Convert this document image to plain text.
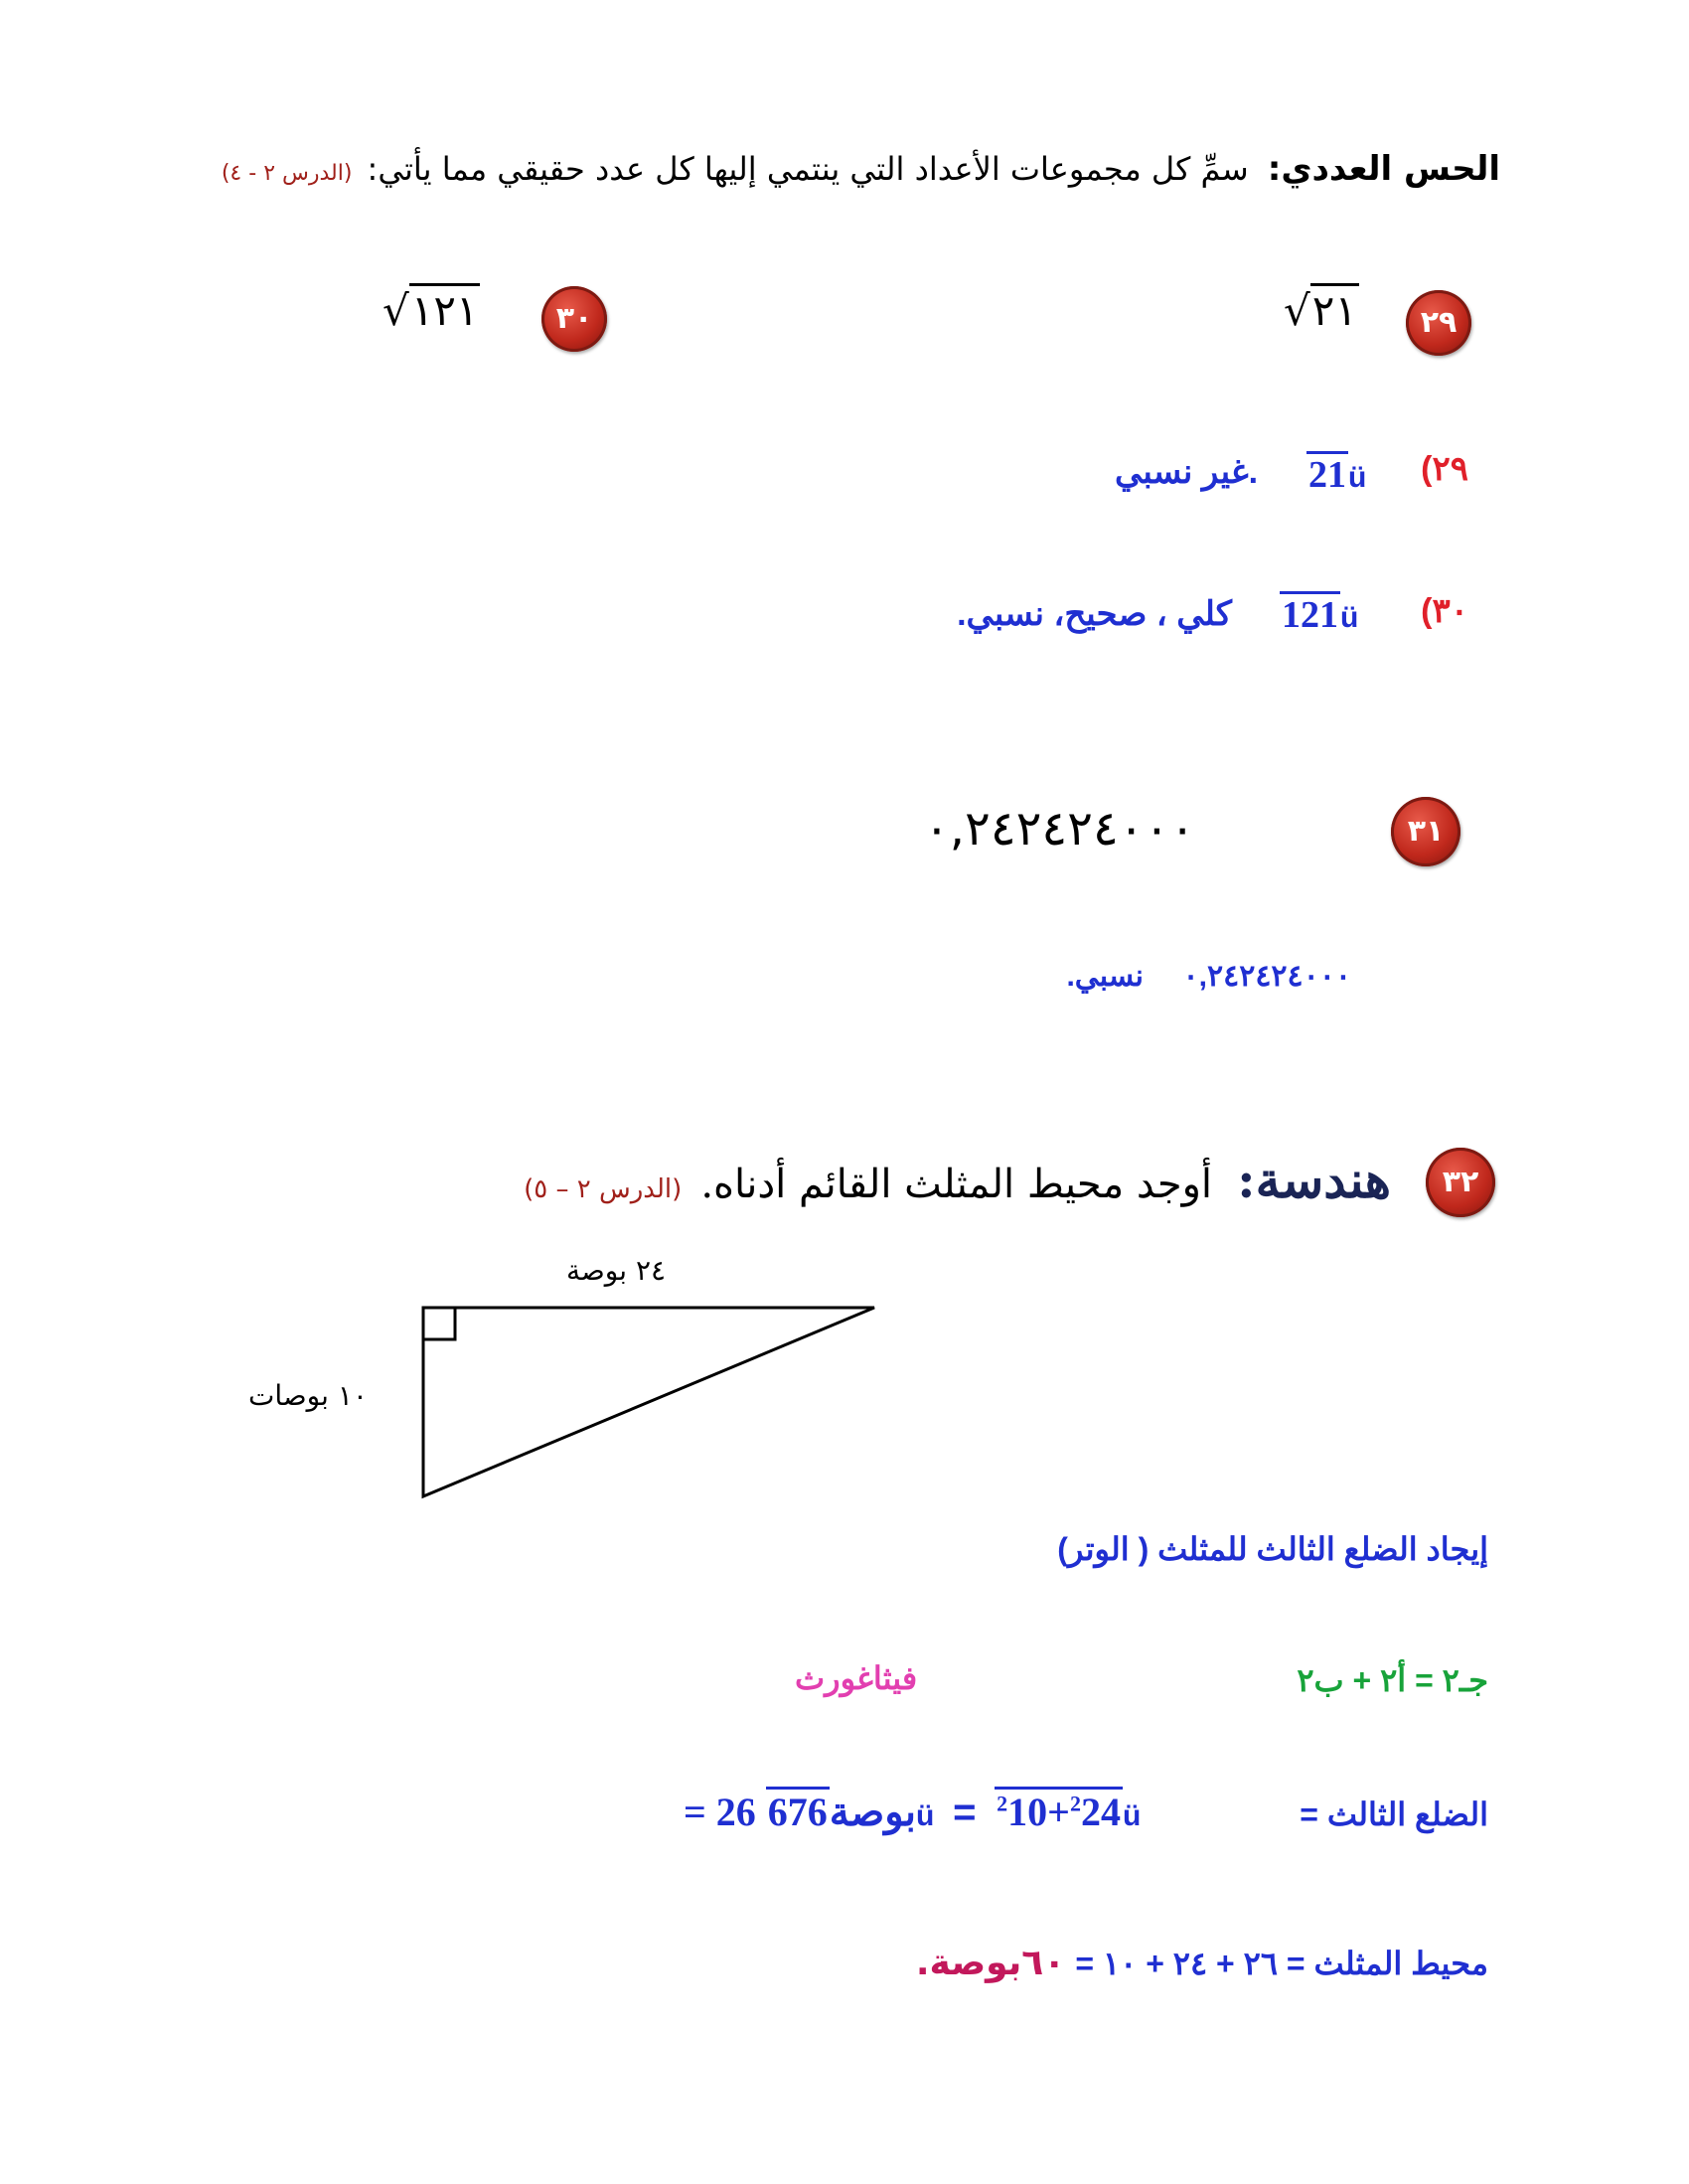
الحس العددي: سمِّ كل مجموعات الأعداد التي ينتمي إليها كل عدد حقيقي مما يأتي: (الدرس ٢ - ٤)
٢٩
√٢١
٣٠
√١٢١
(٢٩
غير نسبي.	21ü
(٣٠
كلي ، صحيح، نسبي. 121ü
٣١
٠,٢٤٢٤٢٤٠٠٠
٠,٢٤٢٤٢٤٠٠٠ نسبي.
٣٢
هندسة: أوجد محيط المثلث القائم أدناه. (الدرس ٢ – ٥)
٢٤ بوصة
١٠ بوصات
إيجاد الضلع الثالث للمثلث ( الوتر)
جـ٢ = أ٢ + ب٢
فيثاغورث
الضلع الثالث =
= 26 بوصة676	ü = $^2$10+$^2$24ü
محيط المثلث = ٢٦ + ٢٤ + ١٠ = ٦٠بوصة.
